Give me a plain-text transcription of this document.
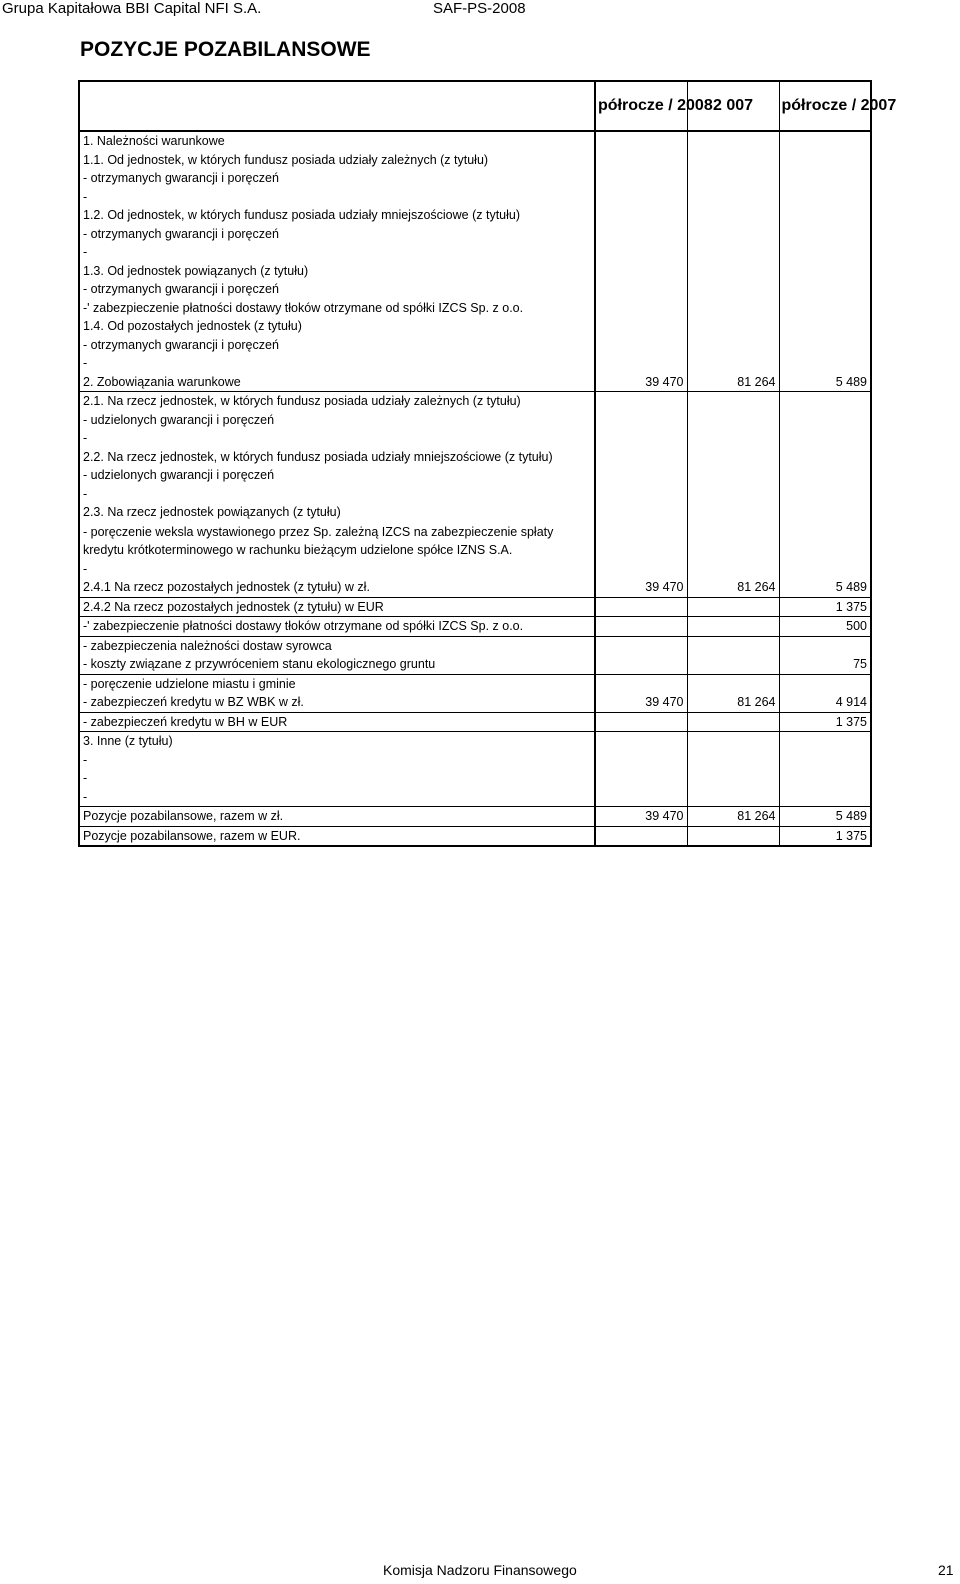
Grupa Kapitałowa BBI Capital NFI S.A.	SAF-PS-2008
POZYCJE POZABILANSOWE
	półrocze / 2008	2 007	półrocze / 2007
1. Należności warunkowe			
1.1. Od jednostek, w których fundusz posiada udziały zależnych (z tytułu)			
- otrzymanych gwarancji i poręczeń			
-			
1.2. Od jednostek, w których fundusz posiada udziały mniejszościowe (z tytułu)			
- otrzymanych gwarancji i poręczeń			
-			
1.3. Od jednostek powiązanych (z tytułu)			
- otrzymanych gwarancji i poręczeń			
-' zabezpieczenie płatności dostawy tłoków otrzymane od spółki IZCS Sp. z o.o.			
1.4. Od pozostałych jednostek (z tytułu)			
- otrzymanych gwarancji i poręczeń			
-			
2. Zobowiązania warunkowe	39 470	81 264	5 489
2.1. Na rzecz jednostek, w których fundusz posiada udziały zależnych (z tytułu)			
- udzielonych gwarancji i poręczeń			
-			
2.2. Na rzecz jednostek, w których fundusz posiada udziały mniejszościowe (z tytułu)			
- udzielonych gwarancji i poręczeń			
-			
2.3. Na rzecz jednostek powiązanych (z tytułu)			
- poręczenie weksla wystawionego przez Sp. zależną IZCS na zabezpieczenie spłaty kredytu krótkoterminowego w rachunku bieżącym udzielone spółce IZNS S.A.			
-			
2.4.1 Na rzecz pozostałych jednostek (z tytułu) w zł.	39 470	81 264	5 489
2.4.2 Na rzecz pozostałych jednostek (z tytułu) w EUR			1 375
-' zabezpieczenie płatności dostawy tłoków otrzymane od spółki IZCS Sp. z o.o.			500
- zabezpieczenia należności dostaw syrowca			
- koszty związane z przywróceniem stanu ekologicznego gruntu			75
- poręczenie udzielone miastu i gminie			
- zabezpieczeń kredytu w BZ WBK w zł.	39 470	81 264	4 914
- zabezpieczeń kredytu w BH w EUR			1 375
3. Inne (z tytułu)			
-			
-			
-			
Pozycje pozabilansowe, razem w zł.	39 470	81 264	5 489
Pozycje pozabilansowe, razem w EUR.			1 375
Komisja Nadzoru Finansowego	21
